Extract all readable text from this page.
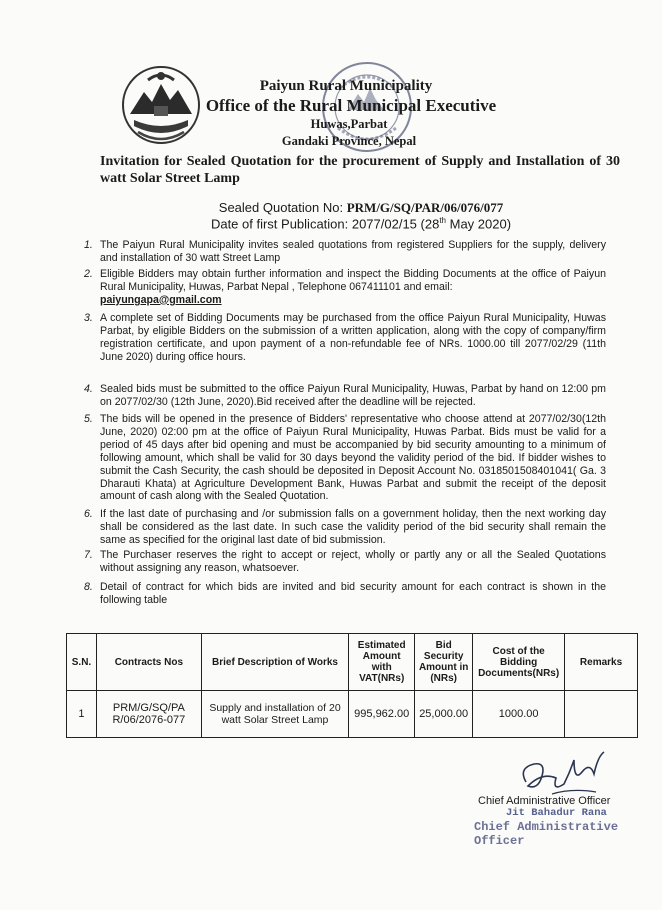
Paiyun Rural Municipality
Office of the Rural Municipal Executive
Huwas,Parbat
Gandaki Province, Nepal
Invitation for Sealed Quotation for the procurement of Supply and Installation of 30 watt Solar Street Lamp
Sealed Quotation No: PRM/G/SQ/PAR/06/076/077
Date of first Publication: 2077/02/15 (28th May 2020)
1. The Paiyun Rural Municipality invites sealed quotations from registered Suppliers for the supply, delivery and installation of 30 watt Street Lamp
2. Eligible Bidders may obtain further information and inspect the Bidding Documents at the office of Paiyun Rural Municipality, Huwas, Parbat Nepal , Telephone 067411101 and email:
paiyungapa@gmail.com
3. A complete set of Bidding Documents may be purchased from the office Paiyun Rural Municipality, Huwas Parbat, by eligible Bidders on the submission of a written application, along with the copy of company/firm registration certificate, and upon payment of a non-refundable fee of NRs. 1000.00 till 2077/02/29 (11th June 2020) during office hours.
4. Sealed bids must be submitted to the office Paiyun Rural Municipality, Huwas, Parbat by hand on 12:00 pm on 2077/02/30 (12th June, 2020).Bid received after the deadline will be rejected.
5. The bids will be opened in the presence of Bidders' representative who choose attend at 2077/02/30(12th June, 2020) 02:00 pm at the office of Paiyun Rural Municipality, Huwas Parbat. Bids must be valid for a period of 45 days after bid opening and must be accompanied by bid security amounting to a minimum of following amount, which shall be valid for 30 days beyond the validity period of the bid. If bidder wishes to submit the Cash Security, the cash should be deposited in Deposit Account No. 0318501508401041( Ga. 3 Dharauti Khata) at Agriculture Development Bank, Huwas Parbat and submit the receipt of the deposit amount of cash along with the Sealed Quotation.
6. If the last date of purchasing and /or submission falls on a government holiday, then the next working day shall be considered as the last date. In such case the validity period of the bid security shall remain the same as specified for the original last date of bid submission.
7. The Purchaser reserves the right to accept or reject, wholly or partly any or all the Sealed Quotations without assigning any reason, whatsoever.
8. Detail of contract for which bids are invited and bid security amount for each contract is shown in the following table
S.N.	Contracts Nos	Brief Description of Works	Estimated Amount with VAT(NRs)	Bid Security Amount in (NRs)	Cost of the Bidding Documents(NRs)	Remarks
1	PRM/G/SQ/PA R/06/2076-077	Supply and installation of 20 watt Solar Street Lamp	995,962.00	25,000.00	1000.00	
Chief Administrative Officer
Jit Bahadur Rana
Chief Administrative Officer
